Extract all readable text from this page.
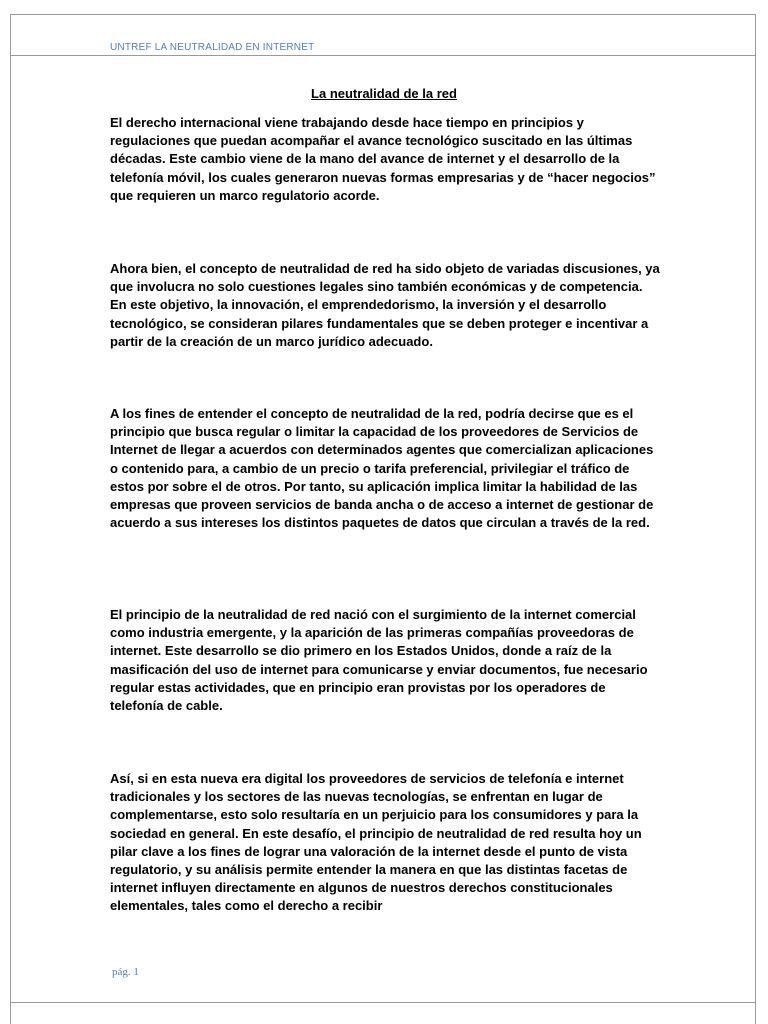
UNTREF LA NEUTRALIDAD EN INTERNET
La neutralidad de la red

El derecho internacional viene trabajando desde hace tiempo en principios y regulaciones que puedan acompañar el avance tecnológico suscitado en las últimas décadas. Este cambio viene de la mano del avance de internet y el desarrollo de la telefonía móvil, los cuales generaron nuevas formas empresarias y de “hacer negocios” que requieren un marco regulatorio acorde.

Ahora bien, el concepto de neutralidad de red ha sido objeto de variadas discusiones, ya que involucra no solo cuestiones legales sino también económicas y de competencia. En este objetivo, la innovación, el emprendedorismo, la inversión y el desarrollo tecnológico, se consideran pilares fundamentales que se deben proteger e incentivar a partir de la creación de un marco jurídico adecuado.

A los fines de entender el concepto de neutralidad de la red, podría decirse que es el principio que busca regular o limitar la capacidad de los proveedores de Servicios de Internet de llegar a acuerdos con determinados agentes que comercializan aplicaciones o contenido para, a cambio de un precio o tarifa preferencial, privilegiar el tráfico de estos por sobre el de otros. Por tanto, su aplicación implica limitar la habilidad de las empresas que proveen servicios de banda ancha o de acceso a internet de gestionar de acuerdo a sus intereses los distintos paquetes de datos que circulan a través de la red.

El principio de la neutralidad de red nació con el surgimiento de la internet comercial como industria emergente, y la aparición de las primeras compañías proveedoras de internet. Este desarrollo se dio primero en los Estados Unidos, donde a raíz de la masificación del uso de internet para comunicarse y enviar documentos, fue necesario regular estas actividades, que en principio eran provistas por los operadores de telefonía de cable.

Así, si en esta nueva era digital los proveedores de servicios de telefonía e internet tradicionales y los sectores de las nuevas tecnologías, se enfrentan en lugar de complementarse, esto solo resultaría en un perjuicio para los consumidores y para la sociedad en general. En este desafío, el principio de neutralidad de red resulta hoy un pilar clave a los fines de lograr una valoración de la internet desde el punto de vista regulatorio, y su análisis permite entender la manera en que las distintas facetas de internet influyen directamente en algunos de nuestros derechos constitucionales elementales, tales como el derecho a recibir

pág. 1
